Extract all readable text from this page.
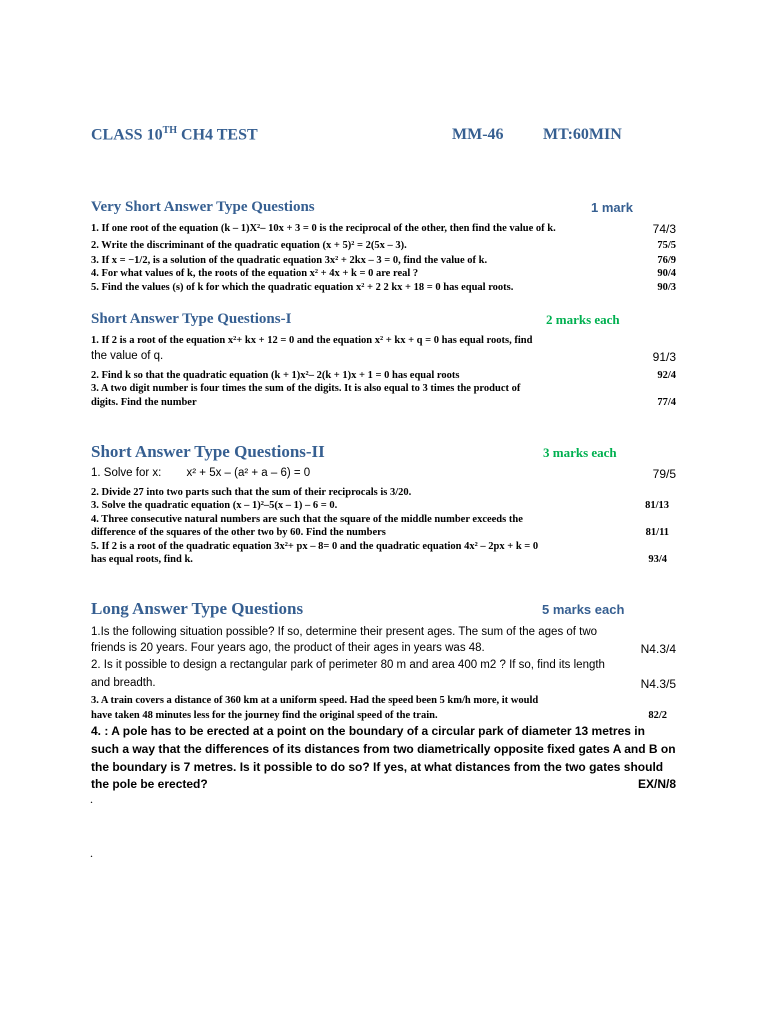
CLASS 10TH CH4 TEST	MM-46 MT:60MIN
Very Short Answer Type Questions	1 mark
1. If one root of the equation (k – 1)X²– 10x + 3 = 0 is the reciprocal of the other, then find the value of k.	74/3
2. Write the discriminant of the quadratic equation (x + 5)² = 2(5x – 3).	75/5
3. If x = −1/2, is a solution of the quadratic equation 3x² + 2kx – 3 = 0, find the value of k.	76/9
4. For what values of k, the roots of the equation x² + 4x + k = 0 are real ?	90/4
5. Find the values (s) of k for which the quadratic equation x² + 2 2 kx + 18 = 0 has equal roots.	90/3
Short Answer Type Questions-I	2 marks each
1. If 2 is a root of the equation x²+ kx + 12 = 0 and the equation x² + kx + q = 0 has equal roots, find
the value of q.	91/3
2. Find k so that the quadratic equation (k + 1)x²– 2(k + 1)x + 1 = 0 has equal roots	92/4
3. A two digit number is four times the sum of the digits. It is also equal to 3 times the product of
digits. Find the number	77/4
Short Answer Type Questions-II	3 marks each
1. Solve for x: x² + 5x – (a² + a – 6) = 0	79/5
2. Divide 27 into two parts such that the sum of their reciprocals is 3/20.
3. Solve the quadratic equation (x – 1)²–5(x – 1) – 6 = 0.	81/13
4. Three consecutive natural numbers are such that the square of the middle number exceeds the
difference of the squares of the other two by 60. Find the numbers	81/11
5. If 2 is a root of the quadratic equation 3x²+ px – 8= 0 and the quadratic equation 4x² – 2px + k = 0
has equal roots, find k.	93/4
Long Answer Type Questions	5 marks each
1.Is the following situation possible? If so, determine their present ages. The sum of the ages of two
friends is 20 years. Four years ago, the product of their ages in years was 48.	N4.3/4
2. Is it possible to design a rectangular park of perimeter 80 m and area 400 m2 ? If so, find its length
and breadth.	N4.3/5
3. A train covers a distance of 360 km at a uniform speed. Had the speed been 5 km/h more, it would
have taken 48 minutes less for the journey find the original speed of the train.	82/2
4. : A pole has to be erected at a point on the boundary of a circular park of diameter 13 metres in
such a way that the differences of its distances from two diametrically opposite fixed gates A and B on
the boundary is 7 metres. Is it possible to do so? If yes, at what distances from the two gates should
the pole be erected?	EX/N/8
.
.
